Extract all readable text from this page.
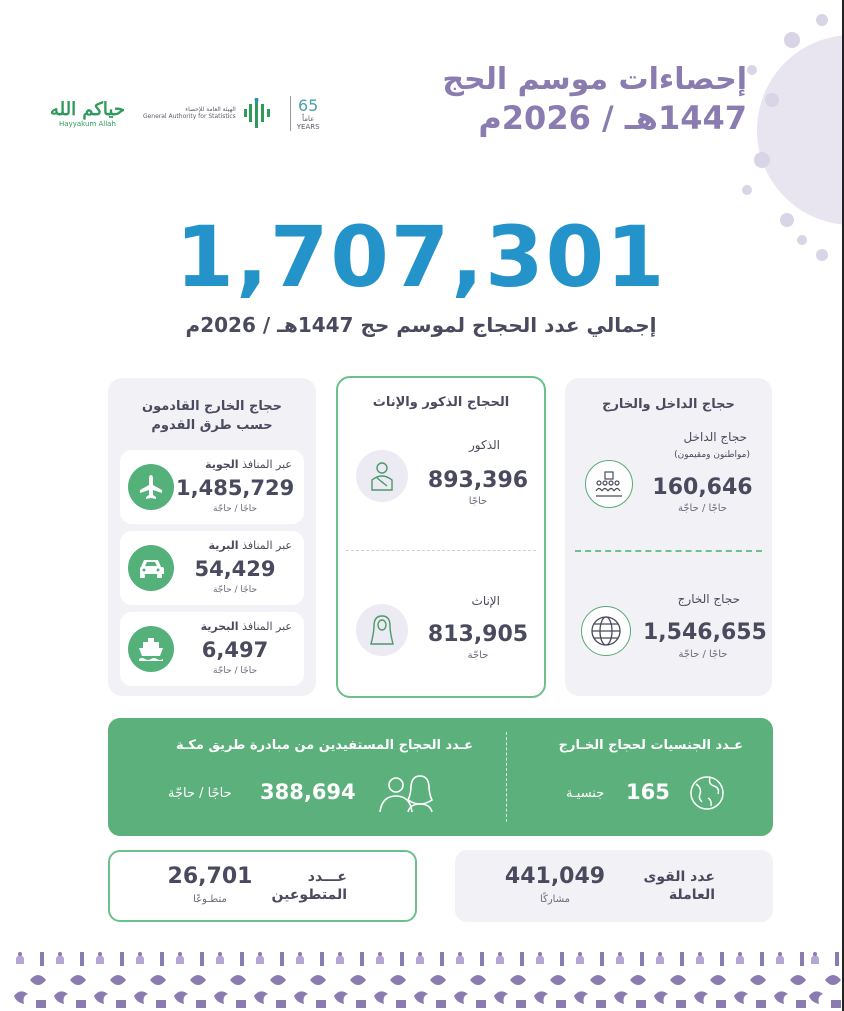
إحصاءات موسم الحج
1447هـ / 2026م
حياكم الله
Hayyakum Allah
الهيئة العامة للإحصاء
General Authority for Statistics
65
عاماً
YEARS
1,707,301
إجمالي عدد الحجاج لموسم حج 1447هـ / 2026م
حجاج الداخل والخارج
حجاج الداخل
(مواطنون ومقيمون)
160,646
حاجًا / حاجّة
حجاج الخارج
1,546,655
حاجًا / حاجّة
الحجاج الذكور والإناث
الذكور
893,396
حاجًا
الإناث
813,905
حاجّة
حجاج الخارج القادمون
حسب طرق القدوم
عبر المنافذ الجوية
1,485,729
حاجًا / حاجّة
عبر المنافذ البرية
54,429
حاجًا / حاجّة
عبر المنافذ البحرية
6,497
حاجًا / حاجّة
عـدد الجنسيات لحجاج الخـارج
165
جنسيـة
عـدد الحجاج المستفيدين من مبادرة طريق مكـة
388,694
حاجًا / حاجّة
عدد القوى
العاملة
441,049
مشاركًا
عـــدد
المتطوعين
26,701
متطـوعًا
